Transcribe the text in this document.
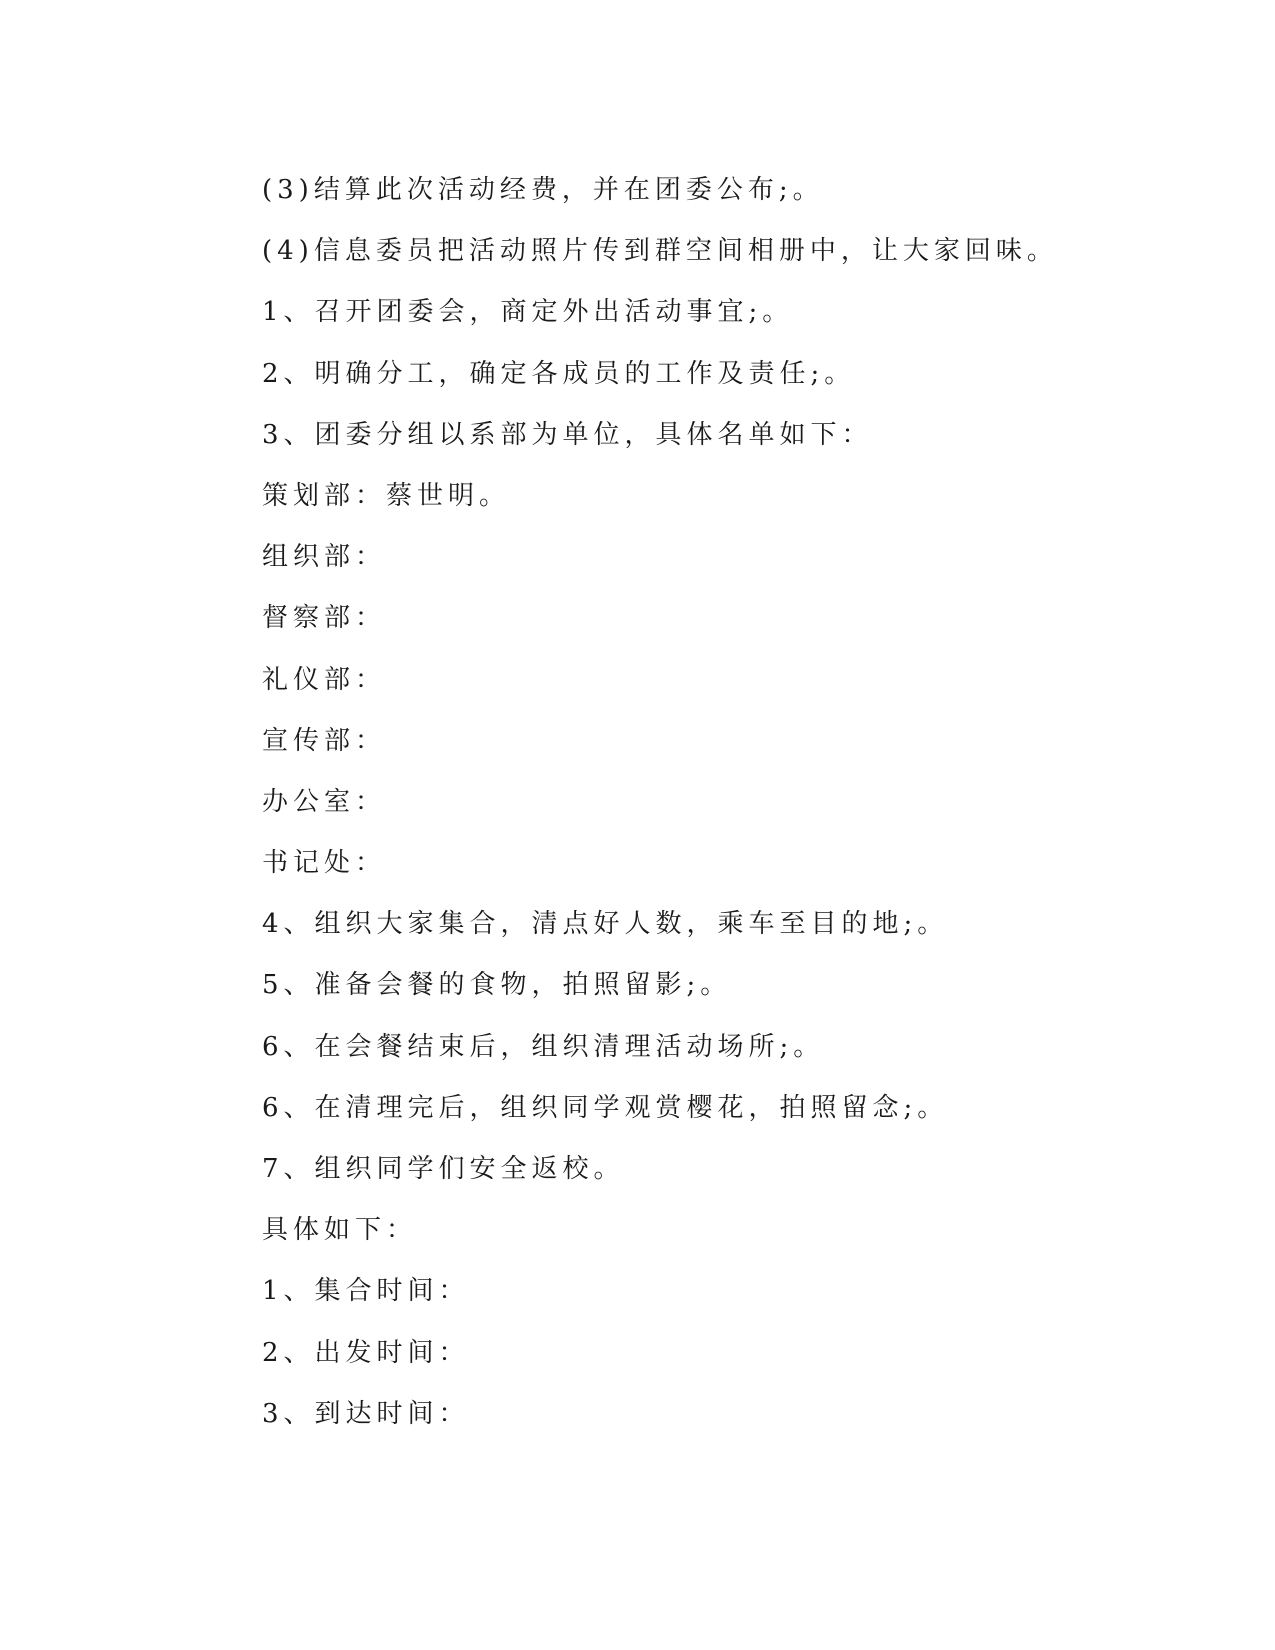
(3)结算此次活动经费，并在团委公布;。
(4)信息委员把活动照片传到群空间相册中，让大家回味。
1、召开团委会，商定外出活动事宜;。
2、明确分工，确定各成员的工作及责任;。
3、团委分组以系部为单位，具体名单如下：
策划部：蔡世明。
组织部：
督察部：
礼仪部：
宣传部：
办公室：
书记处：
4、组织大家集合，清点好人数，乘车至目的地;。
5、准备会餐的食物，拍照留影;。
6、在会餐结束后，组织清理活动场所;。
6、在清理完后，组织同学观赏樱花，拍照留念;。
7、组织同学们安全返校。
具体如下：
1、集合时间：
2、出发时间：
3、到达时间：
